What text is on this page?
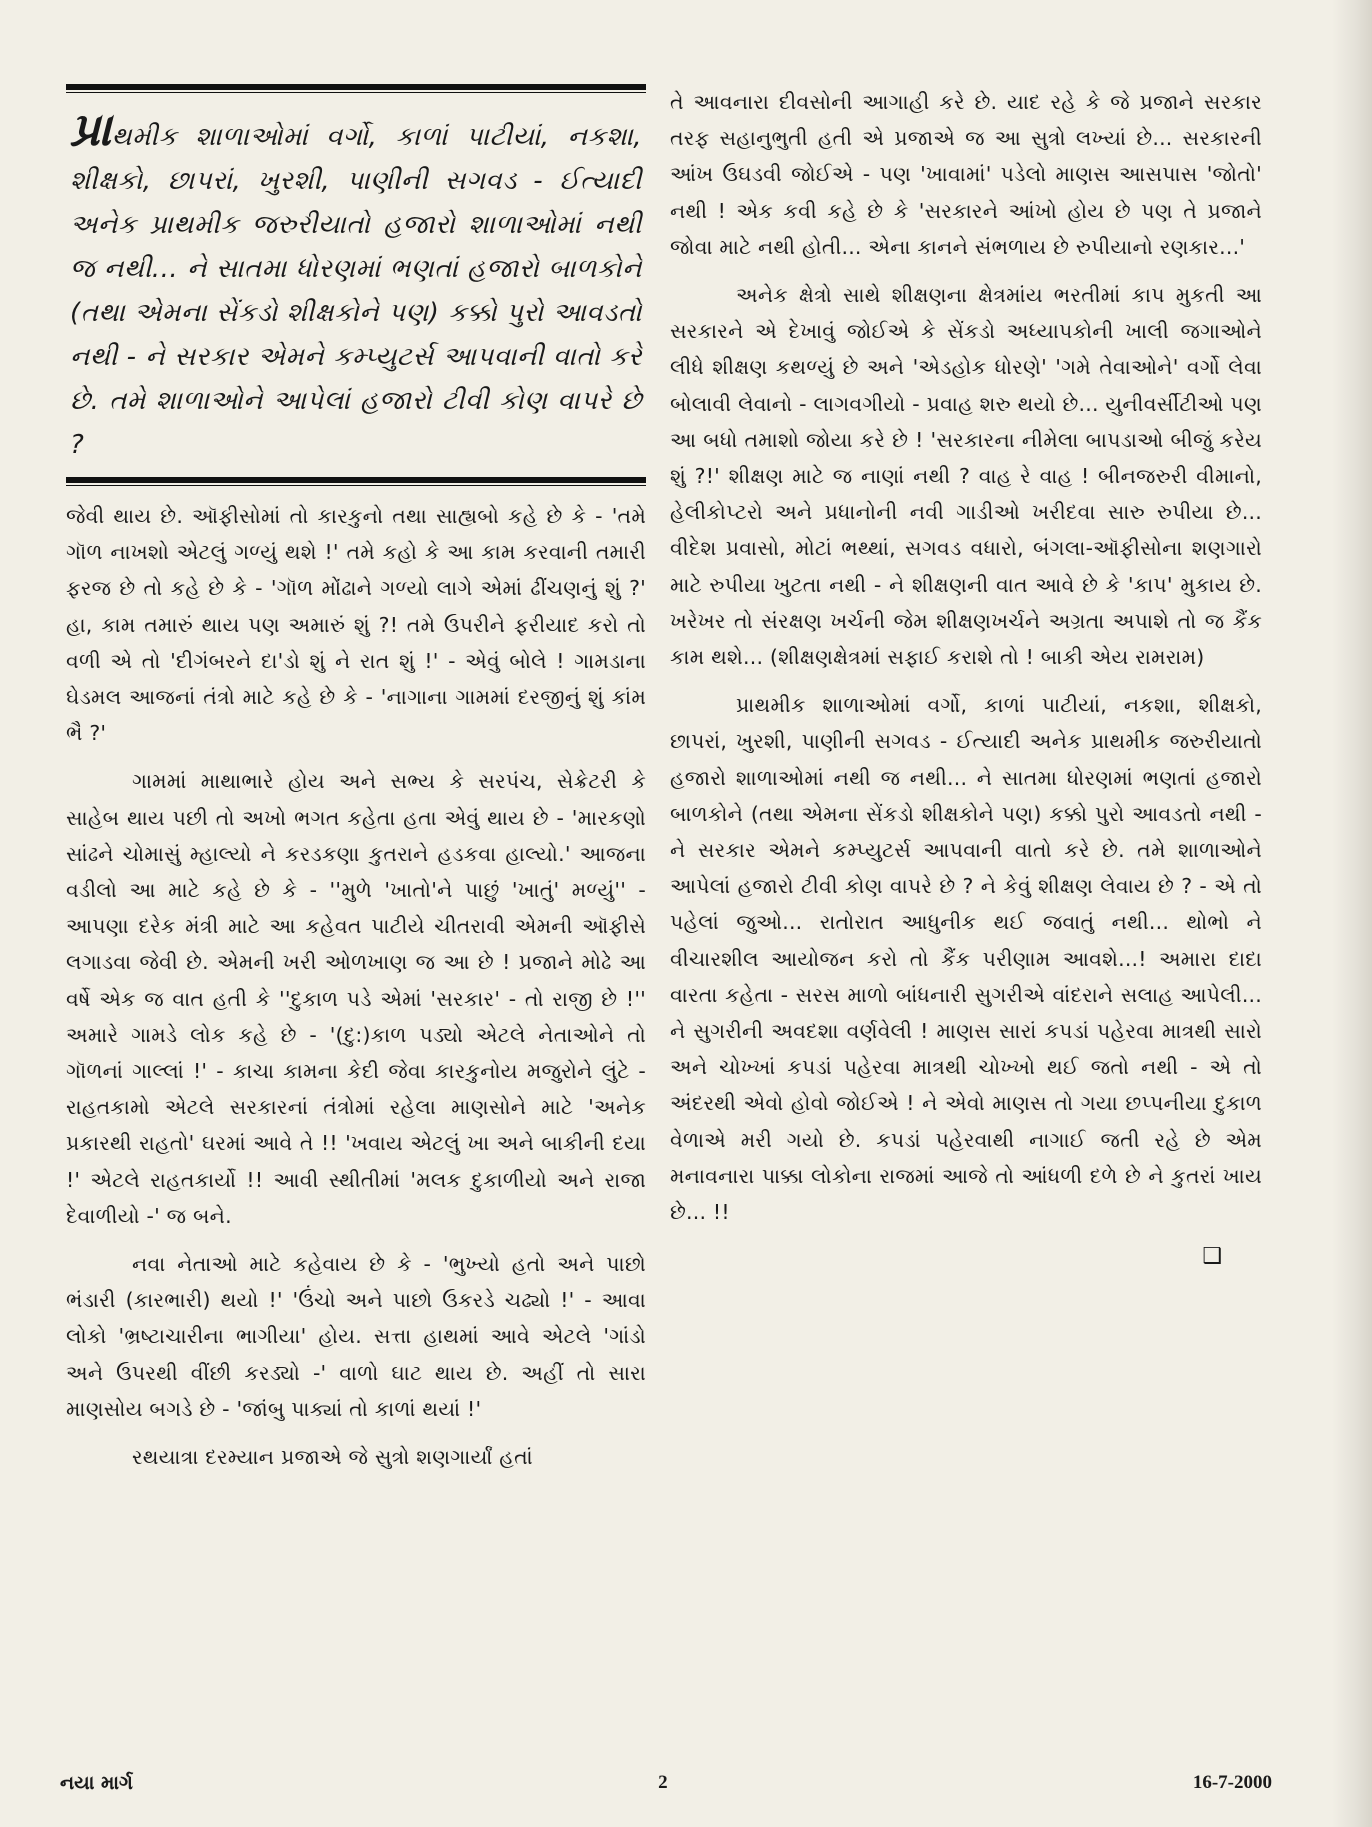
પ્રાથમીક શાળાઓમાં વર્ગો, કાળાં પાટીયાં, નકશા, શીક્ષકો, છાપરાં, ખુરશી, પાણીની સગવડ - ઈત્યાદી અનેક પ્રાથમીક જરુરીયાતો હજારો શાળાઓમાં નથી જ નથી... ને સાતમા ધોરણમાં ભણતાં હજારો બાળકોને (તથા એમના સેંકડો શીક્ષકોને પણ) કક્કો પુરો આવડતો નથી - ને સરકાર એમને કમ્પ્યુટર્સ આપવાની વાતો કરે છે. તમે શાળાઓને આપેલાં હજારો ટીવી કોણ વાપરે છે ?

જેવી થાય છે. ઑફીસોમાં તો કારકુનો તથા સાહ્યબો કહે છે કે - 'તમે ગૉળ નાખશો એટલું ગળ્યું થશે !' તમે કહો કે આ કામ કરવાની તમારી ફરજ છે તો કહે છે કે - 'ગૉળ મોંઢાને ગળ્યો લાગે એમાં ઢીંચણનું શું ?' હા, કામ તમારું થાય પણ અમારું શું ?! તમે ઉપરીને ફરીયાદ કરો તો વળી એ તો 'દીગંબરને દા'ડો શું ને રાત શું !' - એવું બોલે ! ગામડાના ઘેડમલ આજનાં તંત્રો માટે કહે છે કે - 'નાગાના ગામમાં દરજીનું શું કાંમ ભૈ ?'

ગામમાં માથાભારે હોય અને સભ્ય કે સરપંચ, સેક્રેટરી કે સાહેબ થાય પછી તો અખો ભગત કહેતા હતા એવું થાય છે - 'મારકણો સાંઢને ચોમાસું મ્હાલ્યો ને કરડકણા કુતરાને હડકવા હાલ્યો.' આજના વડીલો આ માટે કહે છે કે - ''મુળે 'ખાતો'ને પાછું 'ખાતું' મળ્યું'' - આપણા દરેક મંત્રી માટે આ કહેવત પાટીયે ચીતરાવી એમની ઑફીસે લગાડવા જેવી છે. એમની ખરી ઓળખાણ જ આ છે ! પ્રજાને મોઢે આ વર્ષે એક જ વાત હતી કે ''દુકાળ પડે એમાં 'સરકાર' - તો રાજી છે !'' અમારે ગામડે લોક કહે છે - '(દુ:)કાળ પડ્યો એટલે નેતાઓને તો ગૉળનાં ગાલ્લાં !' - કાચા કામના કેદી જેવા કારકુનોય મજુરોને લુંટે - રાહતકામો એટલે સરકારનાં તંત્રોમાં રહેલા માણસોને માટે 'અનેક પ્રકારથી રાહતો' ઘરમાં આવે તે !! 'ખવાય એટલું ખા અને બાકીની દયા !' એટલે રાહતકાર્યો !! આવી સ્થીતીમાં 'મલક દુકાળીયો અને રાજા દેવાળીયો -' જ બને.

નવા નેતાઓ માટે કહેવાય છે કે - 'ભુખ્યો હતો અને પાછો ભંડારી (કારભારી) થયો !' 'ઉંચો અને પાછો ઉકરડે ચઢ્યો !' - આવા લોકો 'ભ્રષ્ટાચારીના ભાગીયા' હોય. સત્તા હાથમાં આવે એટલે 'ગાંડો અને ઉપરથી વીંછી કરડ્યો -' વાળો ઘાટ થાય છે. અહીં તો સારા માણસોય બગડે છે - 'જાંબુ પાક્યાં તો કાળાં થયાં !'

રથયાત્રા દરમ્યાન પ્રજાએ જે સુત્રો શણગાર્યાં હતાં

તે આવનારા દીવસોની આગાહી કરે છે. યાદ રહે કે જે પ્રજાને સરકાર તરફ સહાનુભુતી હતી એ પ્રજાએ જ આ સુત્રો લખ્યાં છે... સરકારની આંખ ઉઘડવી જોઈએ - પણ 'ખાવામાં' પડેલો માણસ આસપાસ 'જોતો' નથી ! એક કવી કહે છે કે 'સરકારને આંખો હોય છે પણ તે પ્રજાને જોવા માટે નથી હોતી... એના કાનને સંભળાય છે રુપીયાનો રણકાર...'

અનેક ક્ષેત્રો સાથે શીક્ષણના ક્ષેત્રમાંય ભરતીમાં કાપ મુકતી આ સરકારને એ દેખાવું જોઈએ કે સેંકડો અધ્યાપકોની ખાલી જગાઓને લીધે શીક્ષણ કથળ્યું છે અને 'એડહોક ધોરણે' 'ગમે તેવાઓને' વર્ગો લેવા બોલાવી લેવાનો - લાગવગીયો - પ્રવાહ શરુ થયો છે... યુનીવર્સીટીઓ પણ આ બધો તમાશો જોયા કરે છે ! 'સરકારના નીમેલા બાપડાઓ બીજું કરેય શું ?!' શીક્ષણ માટે જ નાણાં નથી ? વાહ રે વાહ ! બીનજરુરી વીમાનો, હેલીકોપ્ટરો અને પ્રધાનોની નવી ગાડીઓ ખરીદવા સારુ રુપીયા છે... વીદેશ પ્રવાસો, મોટાં ભથ્થાં, સગવડ વધારો, બંગલા-ઑફીસોના શણગારો માટે રુપીયા ખુટતા નથી - ને શીક્ષણની વાત આવે છે કે 'કાપ' મુકાય છે. ખરેખર તો સંરક્ષણ ખર્ચની જેમ શીક્ષણખર્ચને અગ્રતા અપાશે તો જ કૈંક કામ થશે... (શીક્ષણક્ષેત્રમાં સફાઈ કરાશે તો ! બાકી એય રામરામ)

પ્રાથમીક શાળાઓમાં વર્ગો, કાળાં પાટીયાં, નકશા, શીક્ષકો, છાપરાં, ખુરશી, પાણીની સગવડ - ઈત્યાદી અનેક પ્રાથમીક જરુરીયાતો હજારો શાળાઓમાં નથી જ નથી... ને સાતમા ધોરણમાં ભણતાં હજારો બાળકોને (તથા એમના સેંકડો શીક્ષકોને પણ) કક્કો પુરો આવડતો નથી - ને સરકાર એમને કમ્પ્યુટર્સ આપવાની વાતો કરે છે. તમે શાળાઓને આપેલાં હજારો ટીવી કોણ વાપરે છે ? ને કેવું શીક્ષણ લેવાય છે ? - એ તો પહેલાં જુઓ... રાતોરાત આધુનીક થઈ જવાતું નથી... થોભો ને વીચારશીલ આયોજન કરો તો કૈંક પરીણામ આવશે...! અમારા દાદા વારતા કહેતા - સરસ માળો બાંધનારી સુગરીએ વાંદરાને સલાહ આપેલી... ને સુગરીની અવદશા વર્ણવેલી ! માણસ સારાં કપડાં પહેરવા માત્રથી સારો અને ચોખ્ખાં કપડાં પહેરવા માત્રથી ચોખ્ખો થઈ જતો નથી - એ તો અંદરથી એવો હોવો જોઈએ ! ને એવો માણસ તો ગયા છપ્પનીયા દુકાળ વેળાએ મરી ગયો છે. કપડાં પહેરવાથી નાગાઈ જતી રહે છે એમ મનાવનારા પાક્કા લોકોના રાજમાં આજે તો આંધળી દળે છે ને કુતરાં ખાય છે... !!

❑
નયા માર્ગ	2	16-7-2000
